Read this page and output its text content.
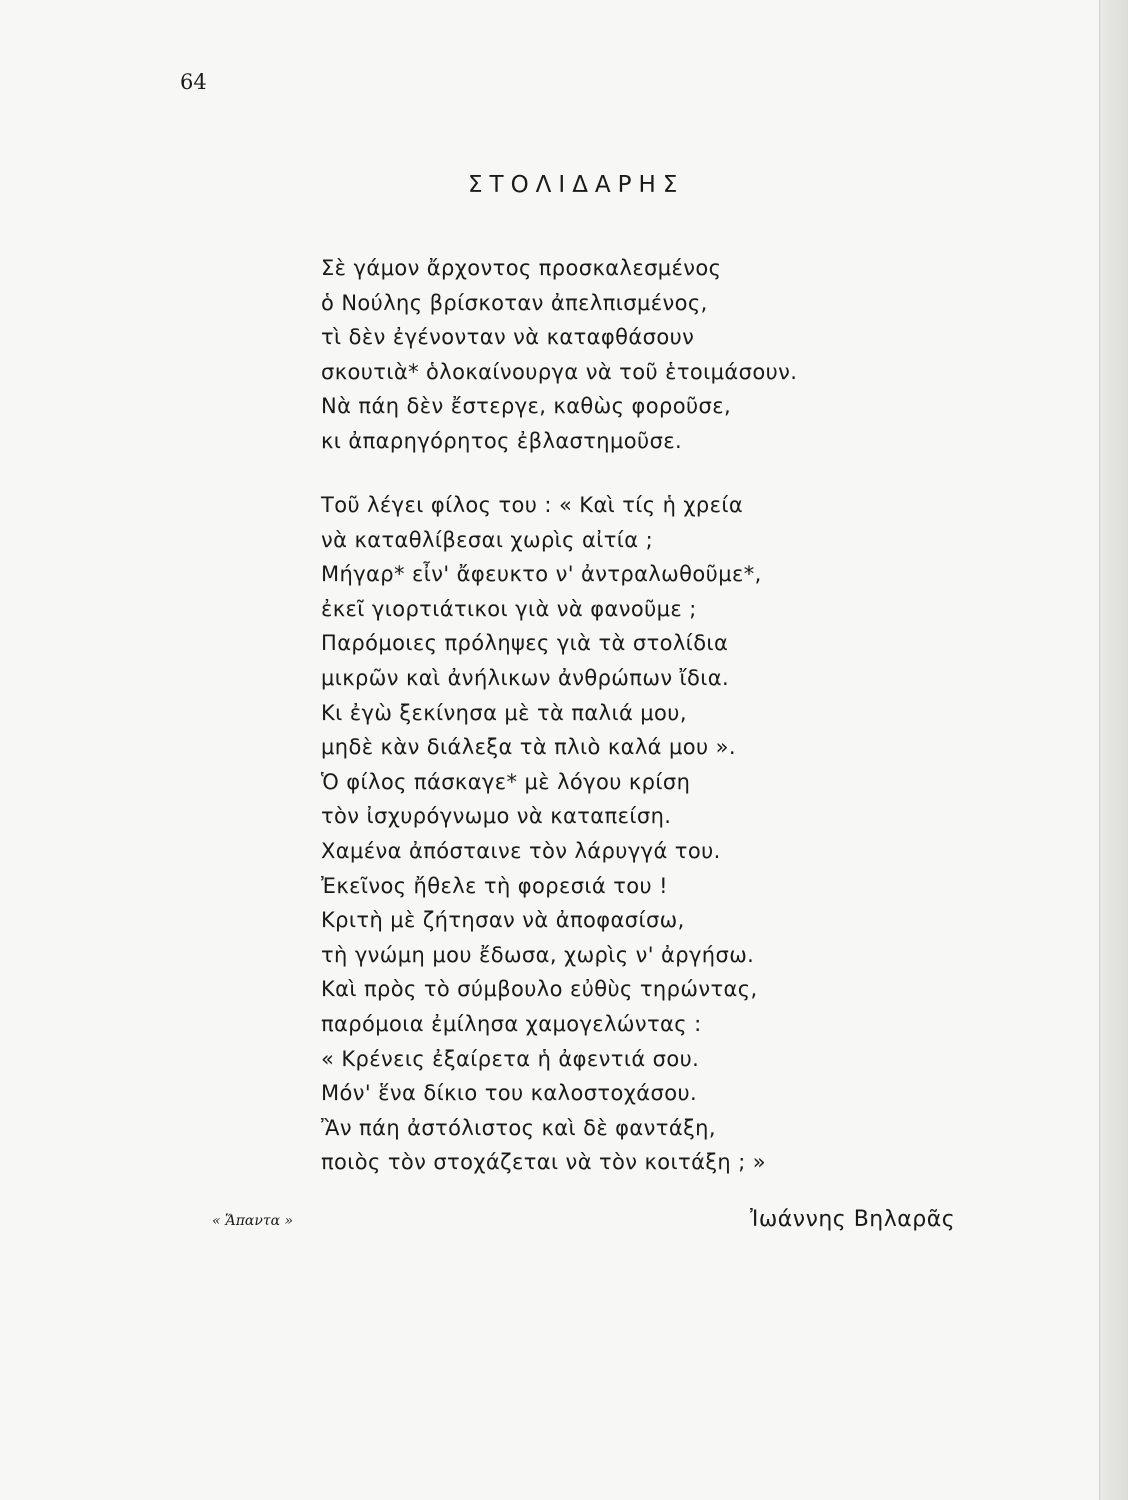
64
ΣΤΟΛΙΔΑΡΗΣ
Σὲ γάμον ἄρχοντος προσκαλεσμένος
ὁ Νούλης βρίσκοταν ἀπελπισμένος,
τὶ δὲν ἐγένονταν νὰ καταφθάσουν
σκουτιὰ* ὁλοκαίνουργα νὰ τοῦ ἑτοιμάσουν.
Νὰ πάη δὲν ἔστεργε, καθὼς φοροῦσε,
κι ἀπαρηγόρητος ἐβλαστημοῦσε.
Τοῦ λέγει φίλος του : « Καὶ τίς ἡ χρεία
νὰ καταθλίβεσαι χωρὶς αἰτία ;
Μήγαρ* εἶν' ἄφευκτο ν' ἀντραλωθοῦμε*,
ἐκεῖ γιορτιάτικοι γιὰ νὰ φανοῦμε ;
Παρόμοιες πρόληψες γιὰ τὰ στολίδια
μικρῶν καὶ ἀνήλικων ἀνθρώπων ἴδια.
Κι ἐγὼ ξεκίνησα μὲ τὰ παλιά μου,
μηδὲ κὰν διάλεξα τὰ πλιὸ καλά μου ».
Ὁ φίλος πάσκαγε* μὲ λόγου κρίση
τὸν ἰσχυρόγνωμο νὰ καταπείση.
Χαμένα ἀπόσταινε τὸν λάρυγγά του.
Ἐκεῖνος ἤθελε τὴ φορεσιά του !
Κριτὴ μὲ ζήτησαν νὰ ἀποφασίσω,
τὴ γνώμη μου ἔδωσα, χωρὶς ν' ἀργήσω.
Καὶ πρὸς τὸ σύμβουλο εὐθὺς τηρώντας,
παρόμοια ἐμίλησα χαμογελώντας :
« Κρένεις ἐξαίρετα ἡ ἀφεντιά σου.
Μόν' ἕνα δίκιο του καλοστοχάσου.
Ἂν πάη ἀστόλιστος καὶ δὲ φαντάξη,
ποιὸς τὸν στοχάζεται νὰ τὸν κοιτάξη ; »
« Ἅπαντα »	Ἰωάννης Βηλαρᾶς
